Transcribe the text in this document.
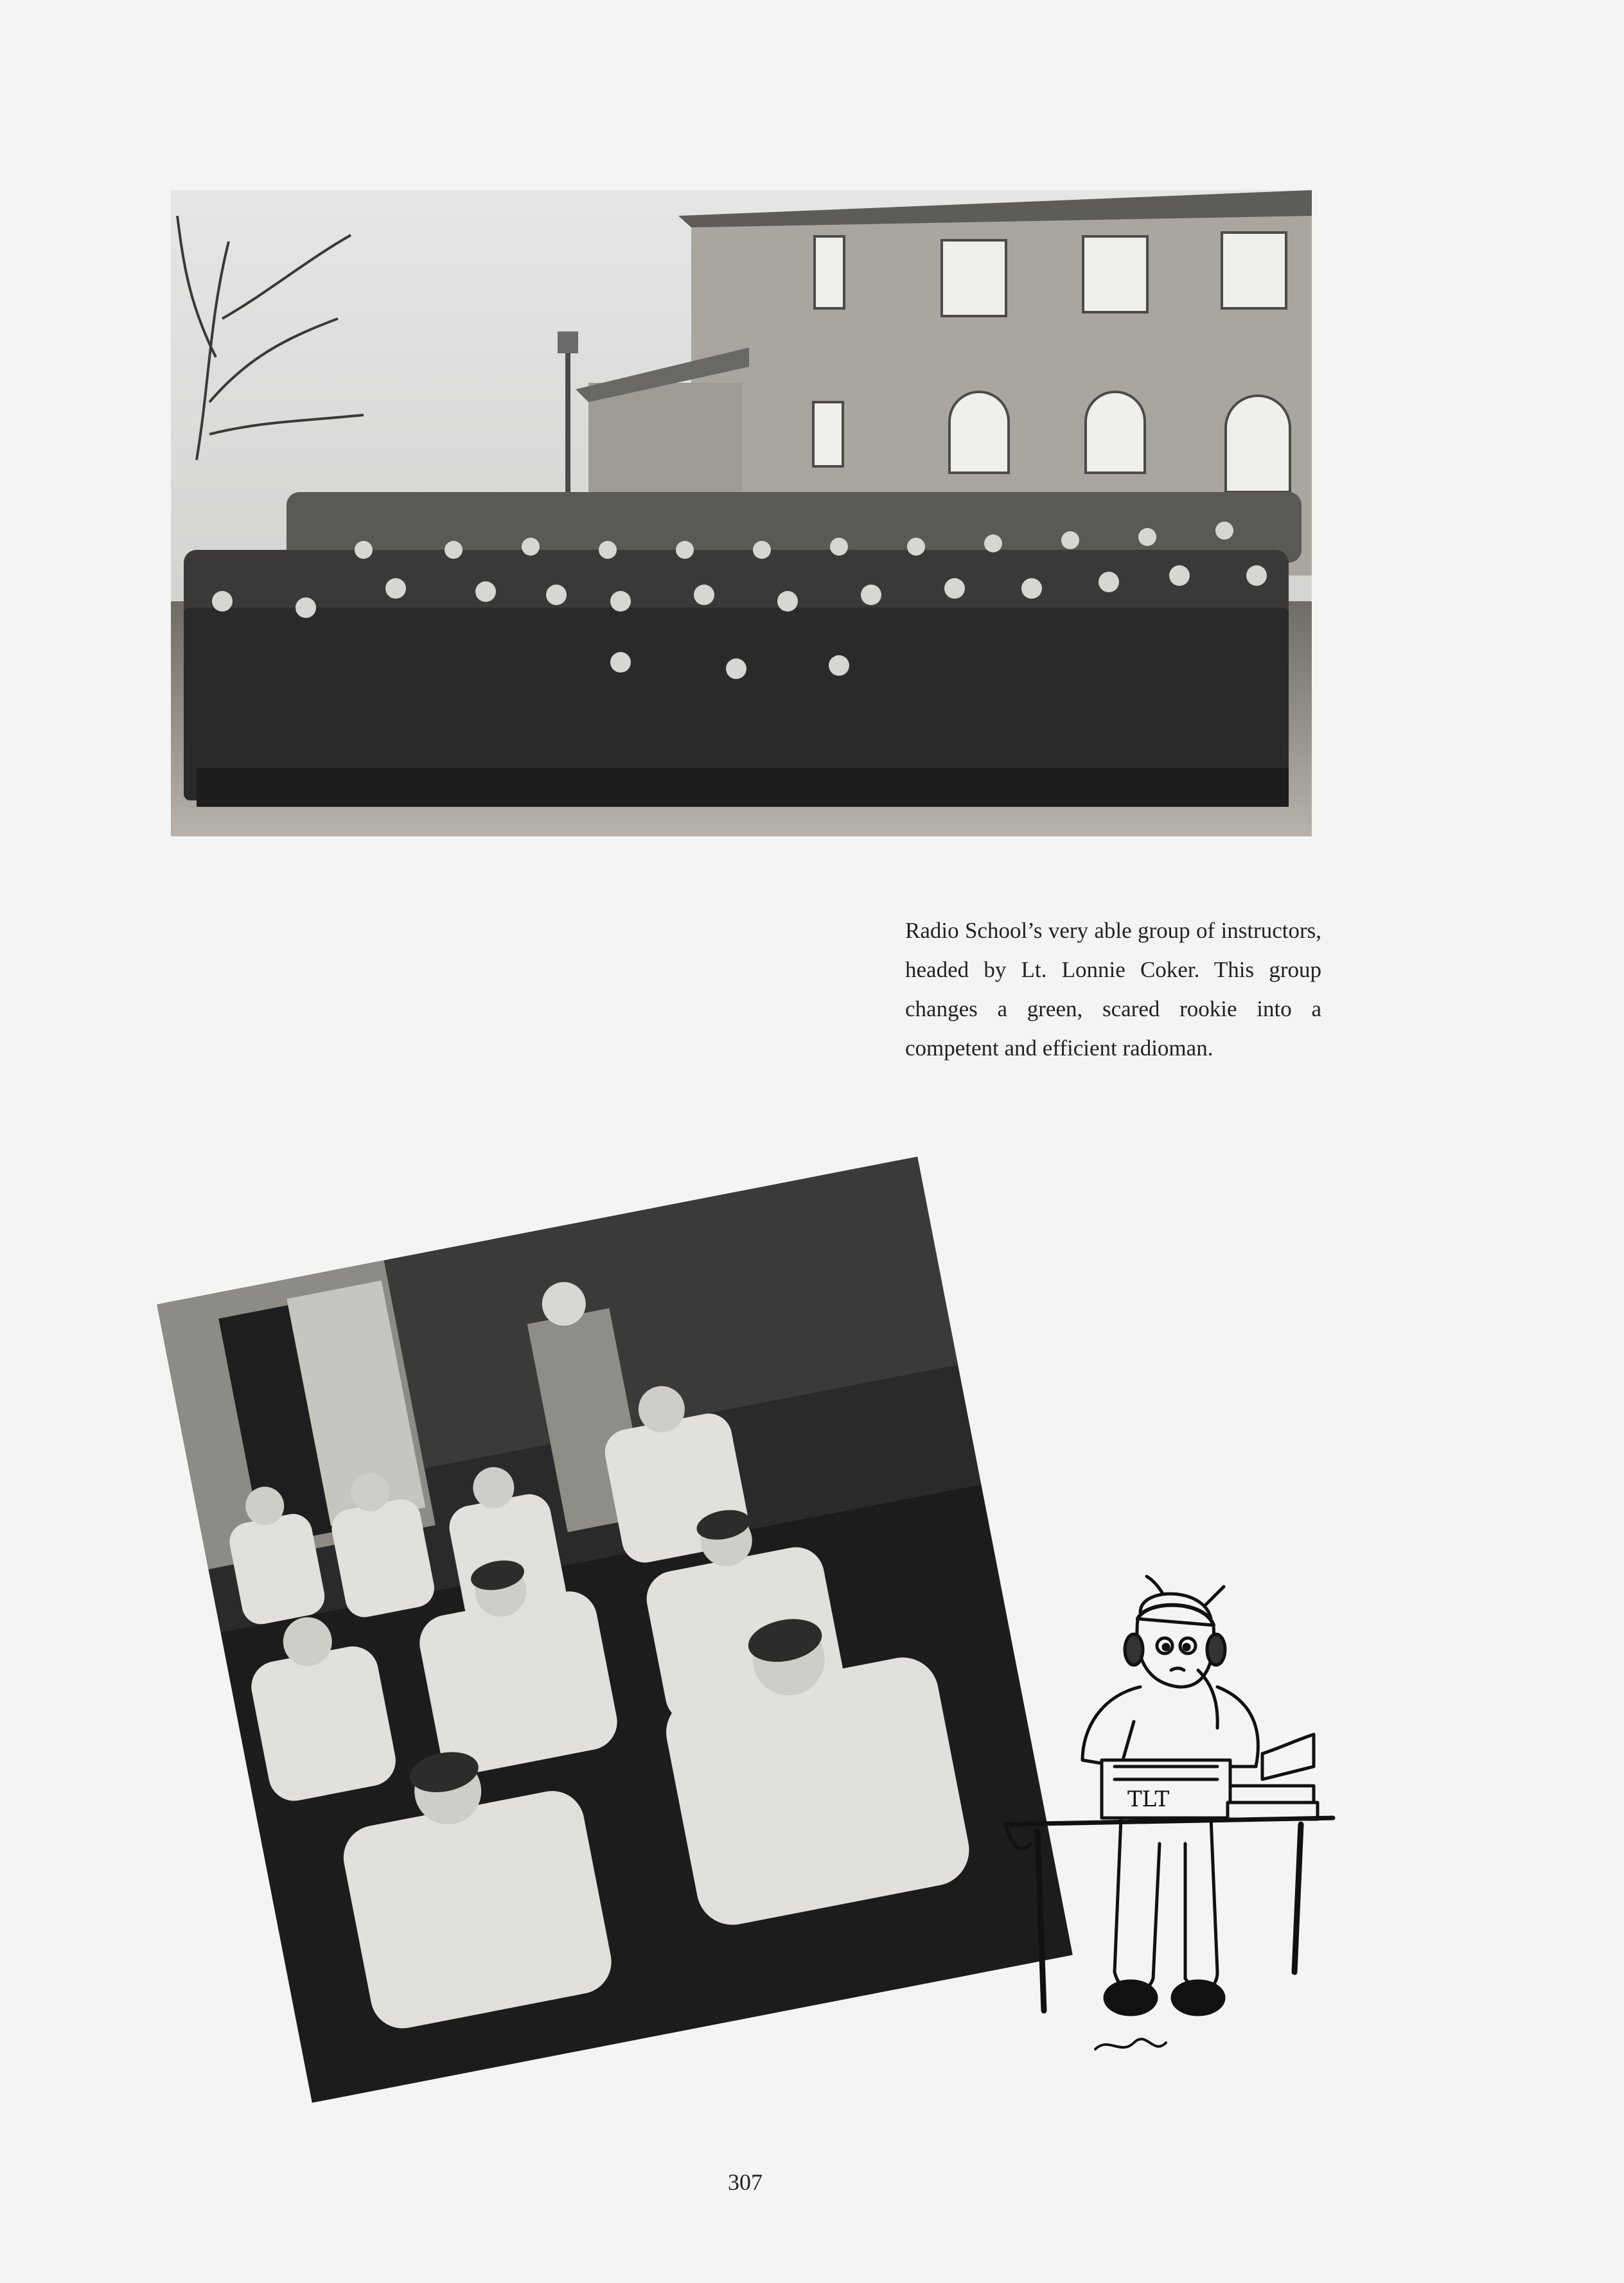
Radio School’s very able group of instructors, headed by Lt. Lonnie Coker. This group changes a green, scared rookie into a competent and efficient radioman.
TLT
307
